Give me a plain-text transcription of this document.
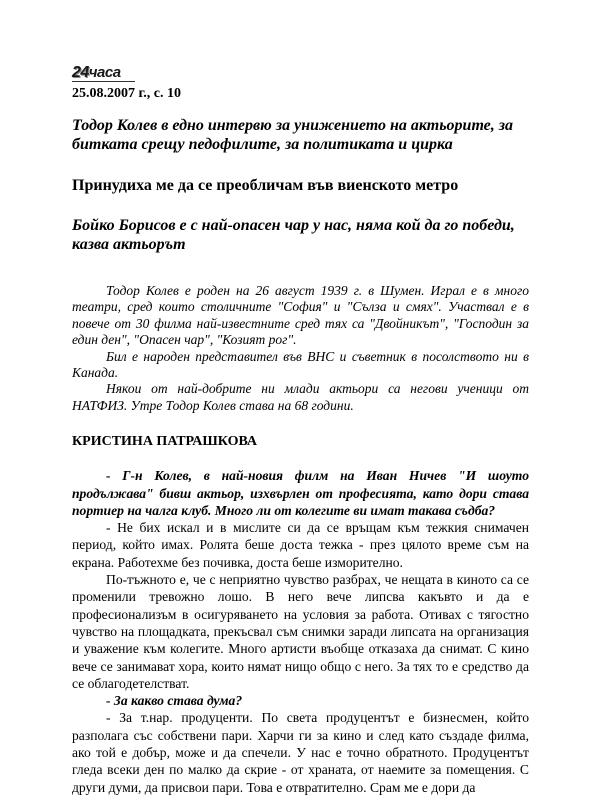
24часа
25.08.2007 г., с. 10
Тодор Колев в едно интервю за унижението на актьорите, за битката срещу педофилите, за политиката и цирка
Принудиха ме да се преобличам във виенското метро
Бойко Борисов е с най-опасен чар у нас, няма кой да го победи, казва актьорът

Тодор Колев е роден на 26 август 1939 г. в Шумен. Играл е в много театри, сред които столичните "София" и "Сълза и смях". Участвал е в повече от 30 филма най-известните сред тях са "Двойникът", "Господин за един ден", "Опасен чар", "Козият рог".

Бил е народен представител във ВНС и съветник в посолството ни в Канада.

Някои от най-добрите ни млади актьори са негови ученици от НАТФИЗ. Утре Тодор Колев става на 68 години.

КРИСТИНА ПАТРАШКОВА

- Г-н Колев, в най-новия филм на Иван Ничев "И шоуто продължава" бивш актьор, изхвърлен от професията, като дори става портиер на чалга клуб. Много ли от колегите ви имат такава съдба?

- Не бих искал и в мислите си да се връщам към тежкия снимачен период, който имах. Ролята беше доста тежка - през цялото време съм на екрана. Работехме без почивка, доста беше изморително.

По-тъжното е, че с неприятно чувство разбрах, че нещата в киното са се променили тревожно лошо. В него вече липсва какъвто и да е професионализъм в осигуряването на условия за работа. Отивах с тягостно чувство на площадката, прекъсвал съм снимки заради липсата на организация и уважение към колегите. Много артисти въобще отказаха да снимат. С кино вече се занимават хора, които нямат нищо общо с него. За тях то е средство да се облагодетелстват.

- За какво става дума?

- За т.нар. продуценти. По света продуцентът е бизнесмен, който разполага със собствени пари. Харчи ги за кино и след като създаде филма, ако той е добър, може и да спечели. У нас е точно обратното. Продуцентът гледа всеки ден по малко да скрие - от храната, от наемите за помещения. С други думи, да присвои пари. Това е отвратително. Срам ме е дори да
